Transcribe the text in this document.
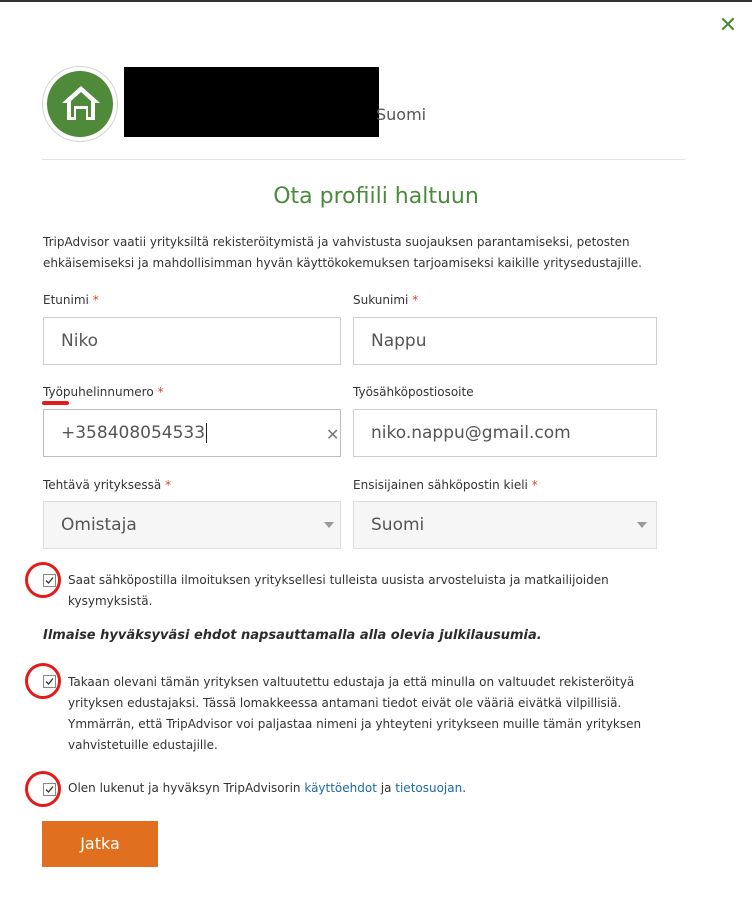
✕
Suomi
Ota profiili haltuun
TripAdvisor vaatii yrityksiltä rekisteröitymistä ja vahvistusta suojauksen parantamiseksi, petosten ehkäisemiseksi ja mahdollisimman hyvän käyttökokemuksen tarjoamiseksi kaikille yritysedustajille.
Etunimi *
Niko
Sukunimi *
Nappu
Työpuhelinnumero *
+358408054533	✕
Työsähköpostiosoite
niko.nappu@gmail.com
Tehtävä yrityksessä *
Omistaja
Ensisijainen sähköpostin kieli *
Suomi
Saat sähköpostilla ilmoituksen yrityksellesi tulleista uusista arvosteluista ja matkailijoiden kysymyksistä.
Ilmaise hyväksyväsi ehdot napsauttamalla alla olevia julkilausumia.
Takaan olevani tämän yrityksen valtuutettu edustaja ja että minulla on valtuudet rekisteröityä yrityksen edustajaksi. Tässä lomakkeessa antamani tiedot eivät ole vääriä eivätkä vilpillisiä. Ymmärrän, että TripAdvisor voi paljastaa nimeni ja yhteyteni yritykseen muille tämän yrityksen vahvistetuille edustajille.
Olen lukenut ja hyväksyn TripAdvisorin käyttöehdot ja tietosuojan.
Jatka
